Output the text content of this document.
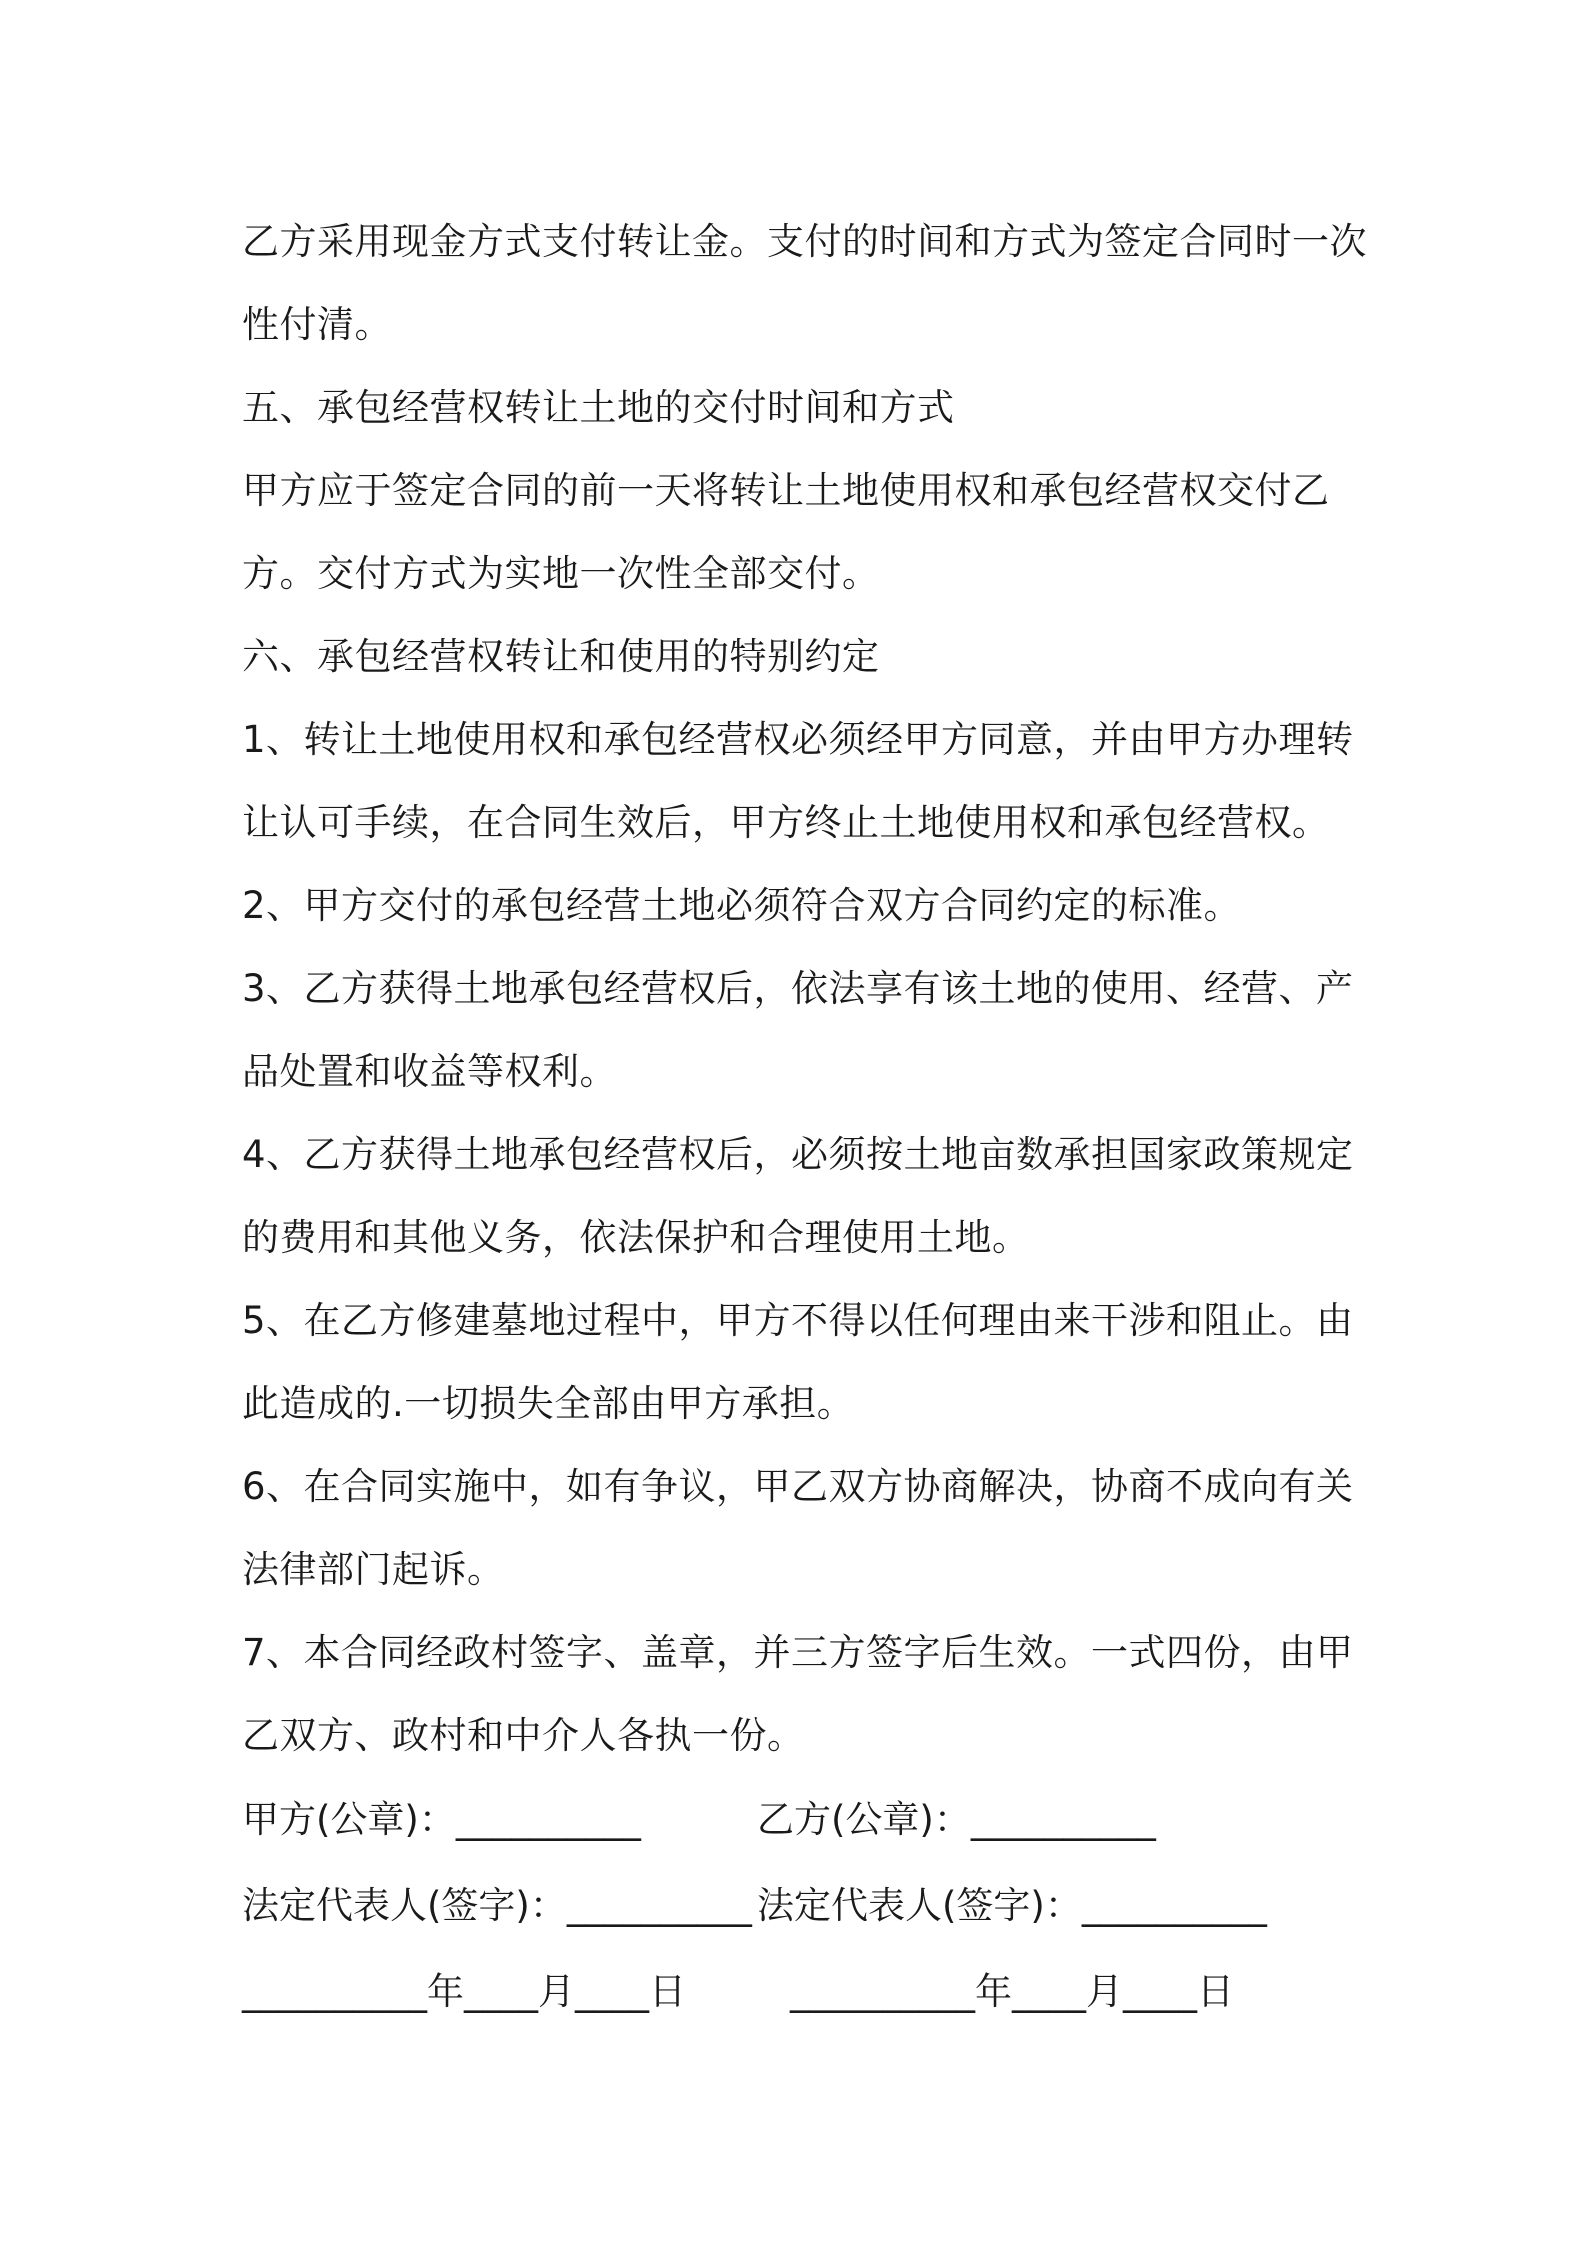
乙方采用现金方式支付转让金。支付的时间和方式为签定合同时一次
性付清。

五、承包经营权转让土地的交付时间和方式

甲方应于签定合同的前一天将转让土地使用权和承包经营权交付乙
方。交付方式为实地一次性全部交付。

六、承包经营权转让和使用的特别约定

1、转让土地使用权和承包经营权必须经甲方同意，并由甲方办理转
让认可手续，在合同生效后，甲方终止土地使用权和承包经营权。

2、甲方交付的承包经营土地必须符合双方合同约定的标准。

3、乙方获得土地承包经营权后，依法享有该土地的使用、经营、产
品处置和收益等权利。

4、乙方获得土地承包经营权后，必须按土地亩数承担国家政策规定
的费用和其他义务，依法保护和合理使用土地。

5、在乙方修建墓地过程中，甲方不得以任何理由来干涉和阻止。由
此造成的.一切损失全部由甲方承担。

6、在合同实施中，如有争议，甲乙双方协商解决，协商不成向有关
法律部门起诉。

7、本合同经政村签字、盖章，并三方签字后生效。一式四份，由甲
乙双方、政村和中介人各执一份。

甲方(公章)：__________	乙方(公章)：__________
法定代表人(签字)：__________ 法定代表人(签字)：__________
__________年____月____日	__________年____月____日
